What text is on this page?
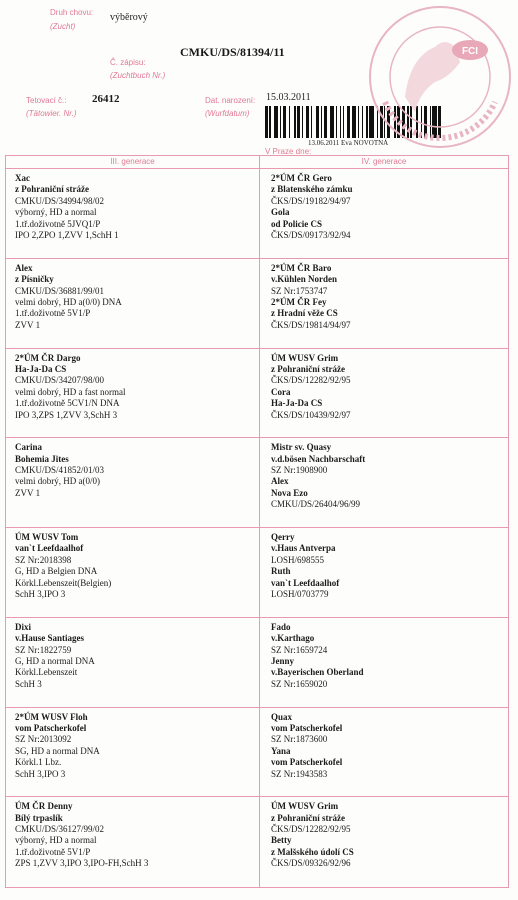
Druh chovu:
(Zucht)
výběrový
Č. zápisu:
(Zuchtbuch Nr.)
CMKU/DS/81394/11
Tetovací č.:
(Tätowier. Nr.)
26412	Dat. narození:
(Wurfdatum)
15.03.2011
13.06.2011 Eva NOVOTNÁ
V Praze dne:
FCI
III. generace	IV. generace
Xac
z Pohraniční stráže
CMKU/DS/34994/98/02
výborný, HD a normal
1.tř.doživotně 5JVQ1/P
IPO 2,ZPO 1,ZVV 1,SchH 1
2*ÚM ČR Gero
z Blatenského zámku
ČKS/DS/19182/94/97
Gola
od Policie CS
ČKS/DS/09173/92/94
Alex
z Písničky
CMKU/DS/36881/99/01
velmi dobrý, HD a(0/0) DNA
1.tř.doživotně 5V1/P
ZVV 1
2*ÚM ČR Baro
v.Kühlen Norden
SZ Nr:1753747
2*ÚM ČR Fey
z Hradní věže CS
ČKS/DS/19814/94/97
2*ÚM ČR Dargo
Ha-Ja-Da CS
CMKU/DS/34207/98/00
velmi dobrý, HD a fast normal
1.tř.doživotně 5CV1/N DNA
IPO 3,ZPS 1,ZVV 3,SchH 3
ÚM WUSV Grim
z Pohraniční stráže
ČKS/DS/12282/92/95
Cora
Ha-Ja-Da CS
ČKS/DS/10439/92/97
Carina
Bohemia Jites
CMKU/DS/41852/01/03
velmi dobrý, HD a(0/0)
ZVV 1
Mistr sv. Quasy
v.d.bösen Nachbarschaft
SZ Nr:1908900
Alex
Nova Ezo
CMKU/DS/26404/96/99
ÚM WUSV Tom
van`t Leefdaalhof
SZ Nr:2018398
G, HD a Belgien DNA
Körkl.Lebenszeit(Belgien)
SchH 3,IPO 3
Qerry
v.Haus Antverpa
LOSH/698555
Ruth
van`t Leefdaalhof
LOSH/0703779
Dixi
v.Hause Santiages
SZ Nr:1822759
G, HD a normal DNA
Körkl.Lebenszeit
SchH 3
Fado
v.Karthago
SZ Nr:1659724
Jenny
v.Bayerischen Oberland
SZ Nr:1659020
2*ÚM WUSV Floh
vom Patscherkofel
SZ Nr:2013092
SG, HD a normal DNA
Körkl.1 Lbz.
SchH 3,IPO 3
Quax
vom Patscherkofel
SZ Nr:1873600
Yana
vom Patscherkofel
SZ Nr:1943583
ÚM ČR Denny
Bílý trpaslík
CMKU/DS/36127/99/02
výborný, HD a normal
1.tř.doživotně 5V1/P
ZPS 1,ZVV 3,IPO 3,IPO-FH,SchH 3
ÚM WUSV Grim
z Pohraniční stráže
ČKS/DS/12282/92/95
Betty
z Malšského údolí CS
ČKS/DS/09326/92/96
